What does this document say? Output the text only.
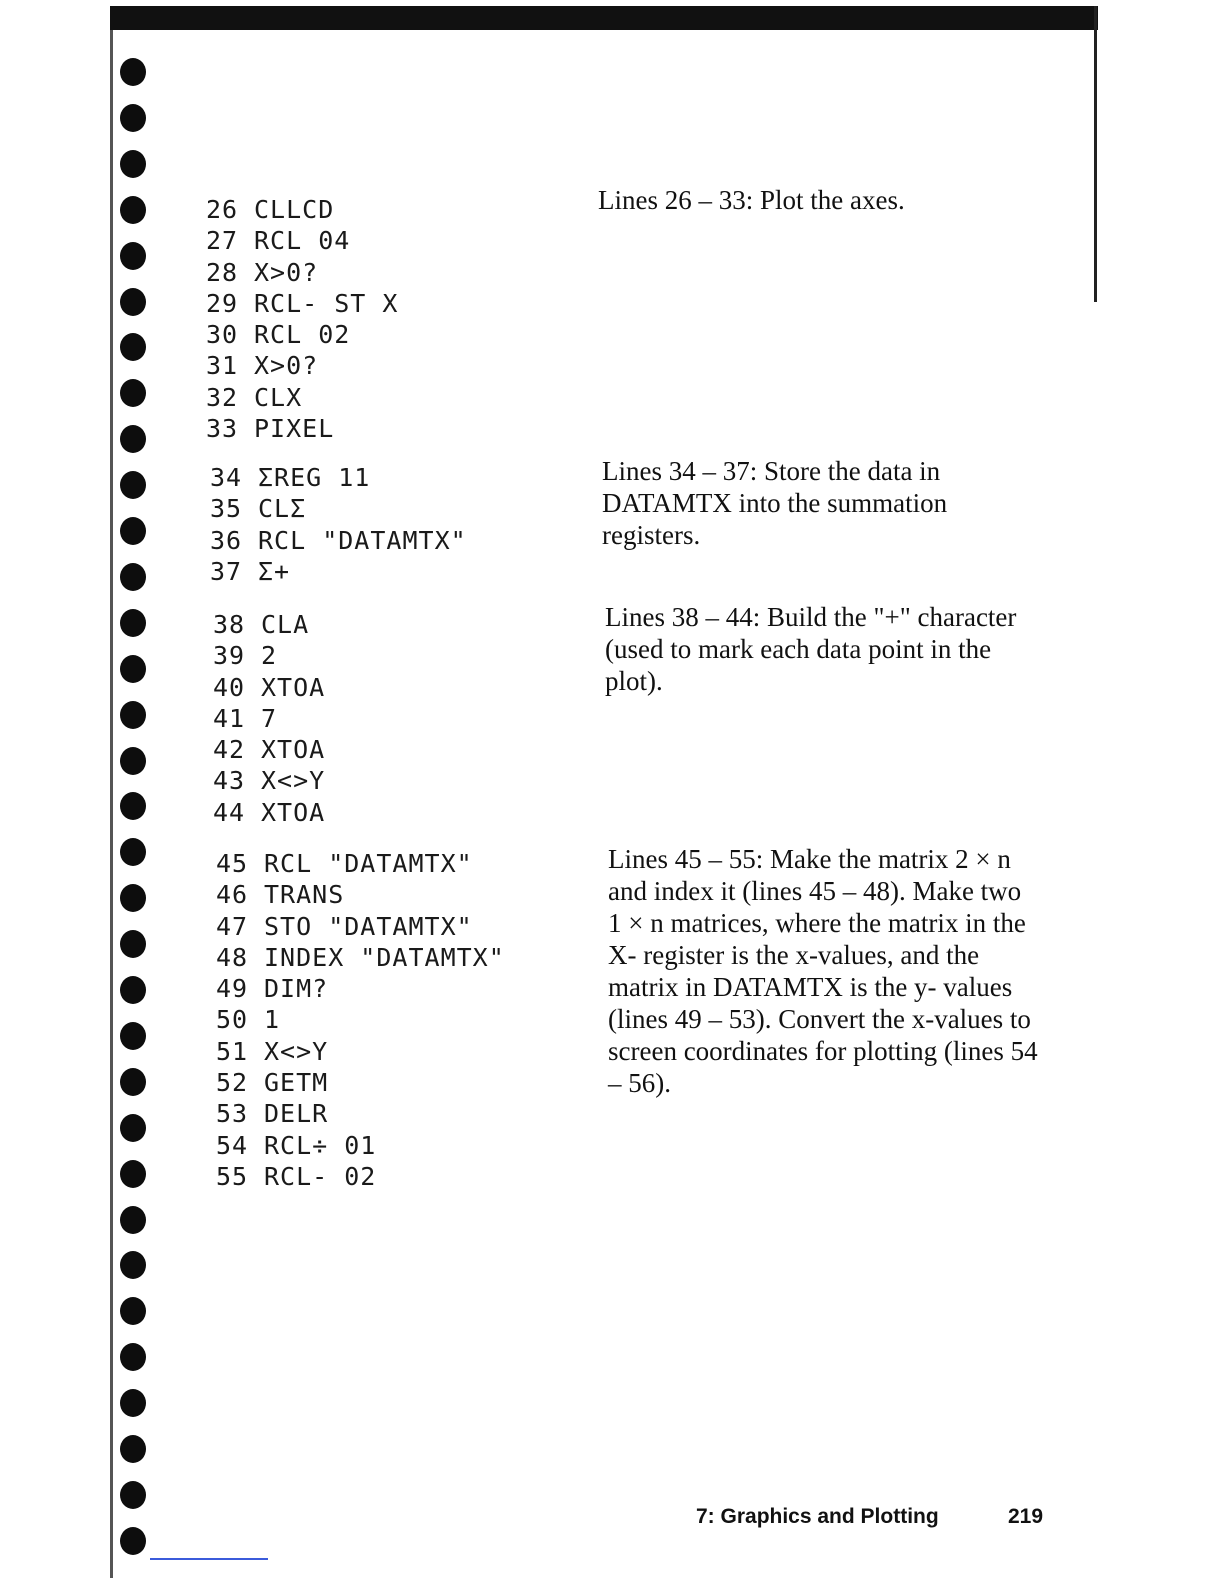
26 CLLCD
27 RCL 04
28 X>0?
29 RCL- ST X
30 RCL 02
31 X>0?
32 CLX
33 PIXEL
34 ΣREG 11
35 CLΣ
36 RCL "DATAMTX"
37 Σ+
38 CLA
39 2
40 XTOA
41 7
42 XTOA
43 X<>Y
44 XTOA
45 RCL "DATAMTX"
46 TRANS
47 STO "DATAMTX"
48 INDEX "DATAMTX"
49 DIM?
50 1
51 X<>Y
52 GETM
53 DELR
54 RCL÷ 01
55 RCL- 02
Lines 26 – 33: Plot the axes.
Lines 34 – 37: Store the data in DATAMTX into the summation registers.
Lines 38 – 44: Build the "+" character (used to mark each data point in the plot).
Lines 45 – 55: Make the matrix 2 × n and index it (lines 45 – 48). Make two 1 × n matrices, where the matrix in the X- register is the x-values, and the matrix in DATAMTX is the y- values (lines 49 – 53). Convert the x-values to screen coordinates for plotting (lines 54 – 56).
7: Graphics and Plotting	219
